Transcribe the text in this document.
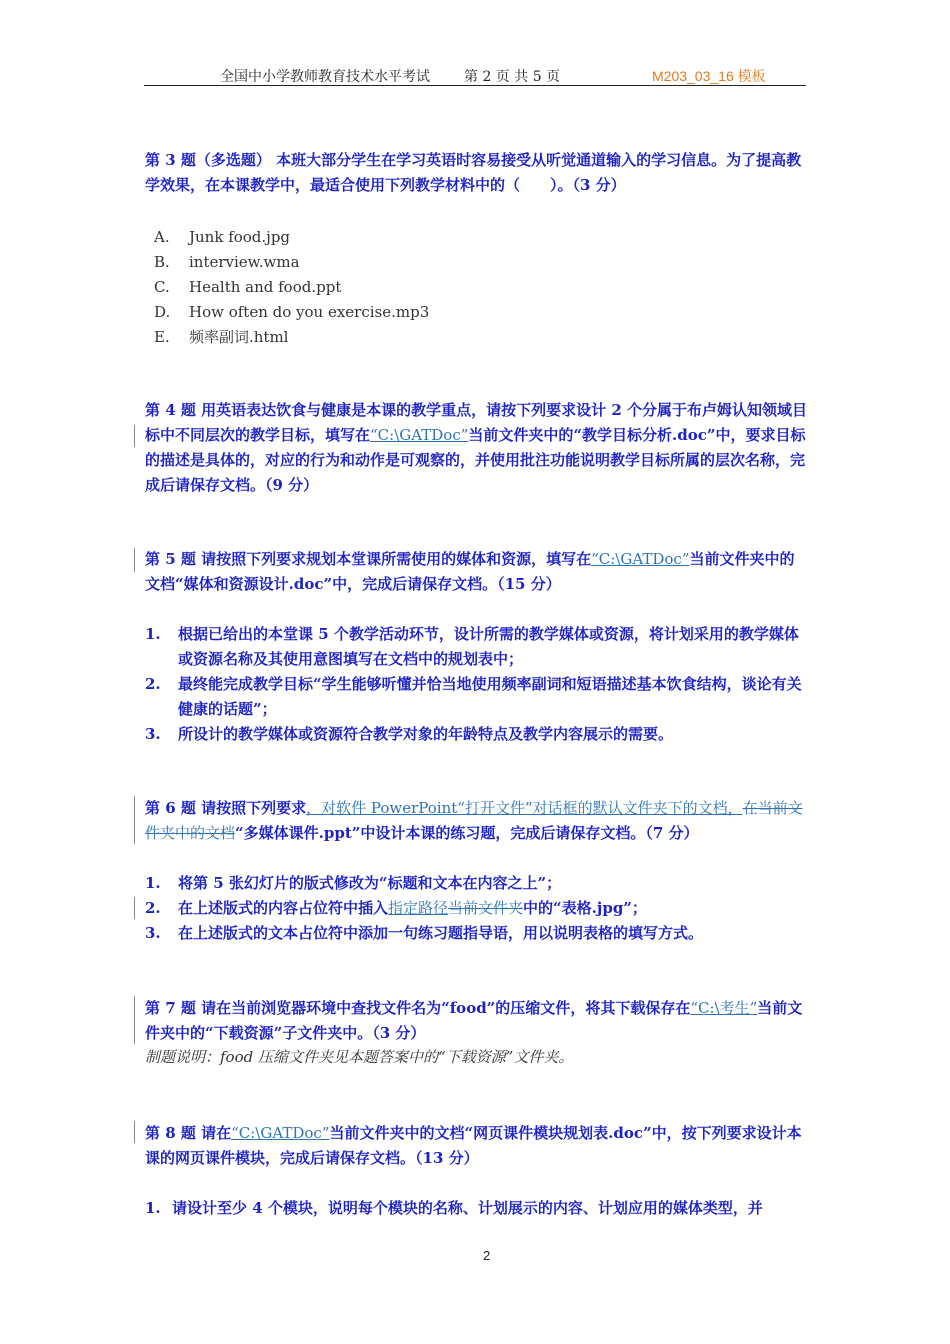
全国中小学教师教育技术水平考试 第 2 页 共 5 页	M203_03_16 模板
第 3 题（多选题） 本班大部分学生在学习英语时容易接受从听觉通道输入的学习信息。为了提高教学效果，在本课教学中，最适合使用下列教学材料中的（　　）。（3 分）
A.	Junk food.jpg
B.	interview.wma
C.	Health and food.ppt
D.	How often do you exercise.mp3
E.	频率副词.html
第 4 题 用英语表达饮食与健康是本课的教学重点，请按下列要求设计 2 个分属于布卢姆认知领域目标中不同层次的教学目标，填写在“C:\GATDoc”当前文件夹中的“教学目标分析.doc”中，要求目标的描述是具体的，对应的行为和动作是可观察的，并使用批注功能说明教学目标所属的层次名称，完成后请保存文档。（9 分）
第 5 题 请按照下列要求规划本堂课所需使用的媒体和资源，填写在“C:\GATDoc”当前文件夹中的文档“媒体和资源设计.doc”中，完成后请保存文档。（15 分）
1.	根据已给出的本堂课 5 个教学活动环节，设计所需的教学媒体或资源，将计划采用的教学媒体或资源名称及其使用意图填写在文档中的规划表中；
2.	最终能完成教学目标“学生能够听懂并恰当地使用频率副词和短语描述基本饮食结构，谈论有关健康的话题”；
3.	所设计的教学媒体或资源符合教学对象的年龄特点及教学内容展示的需要。
第 6 题 请按照下列要求，对软件 PowerPoint“打开文件”对话框的默认文件夹下的文档，在当前文件夹中的文档“多媒体课件.ppt”中设计本课的练习题，完成后请保存文档。（7 分）
1.	将第 5 张幻灯片的版式修改为“标题和文本在内容之上”；
2.	在上述版式的内容占位符中插入指定路径当前文件夹中的“表格.jpg”；
3.	在上述版式的文本占位符中添加一句练习题指导语，用以说明表格的填写方式。
第 7 题 请在当前浏览器环境中查找文件名为“food”的压缩文件，将其下载保存在“C:\考生”当前文件夹中的“下载资源”子文件夹中。（3 分）
制题说明：food 压缩文件夹见本题答案中的“下载资源”文件夹。
第 8 题 请在“C:\GATDoc”当前文件夹中的文档“网页课件模块规划表.doc”中，按下列要求设计本课的网页课件模块，完成后请保存文档。（13 分）
1. 请设计至少 4 个模块，说明每个模块的名称、计划展示的内容、计划应用的媒体类型，并
2
